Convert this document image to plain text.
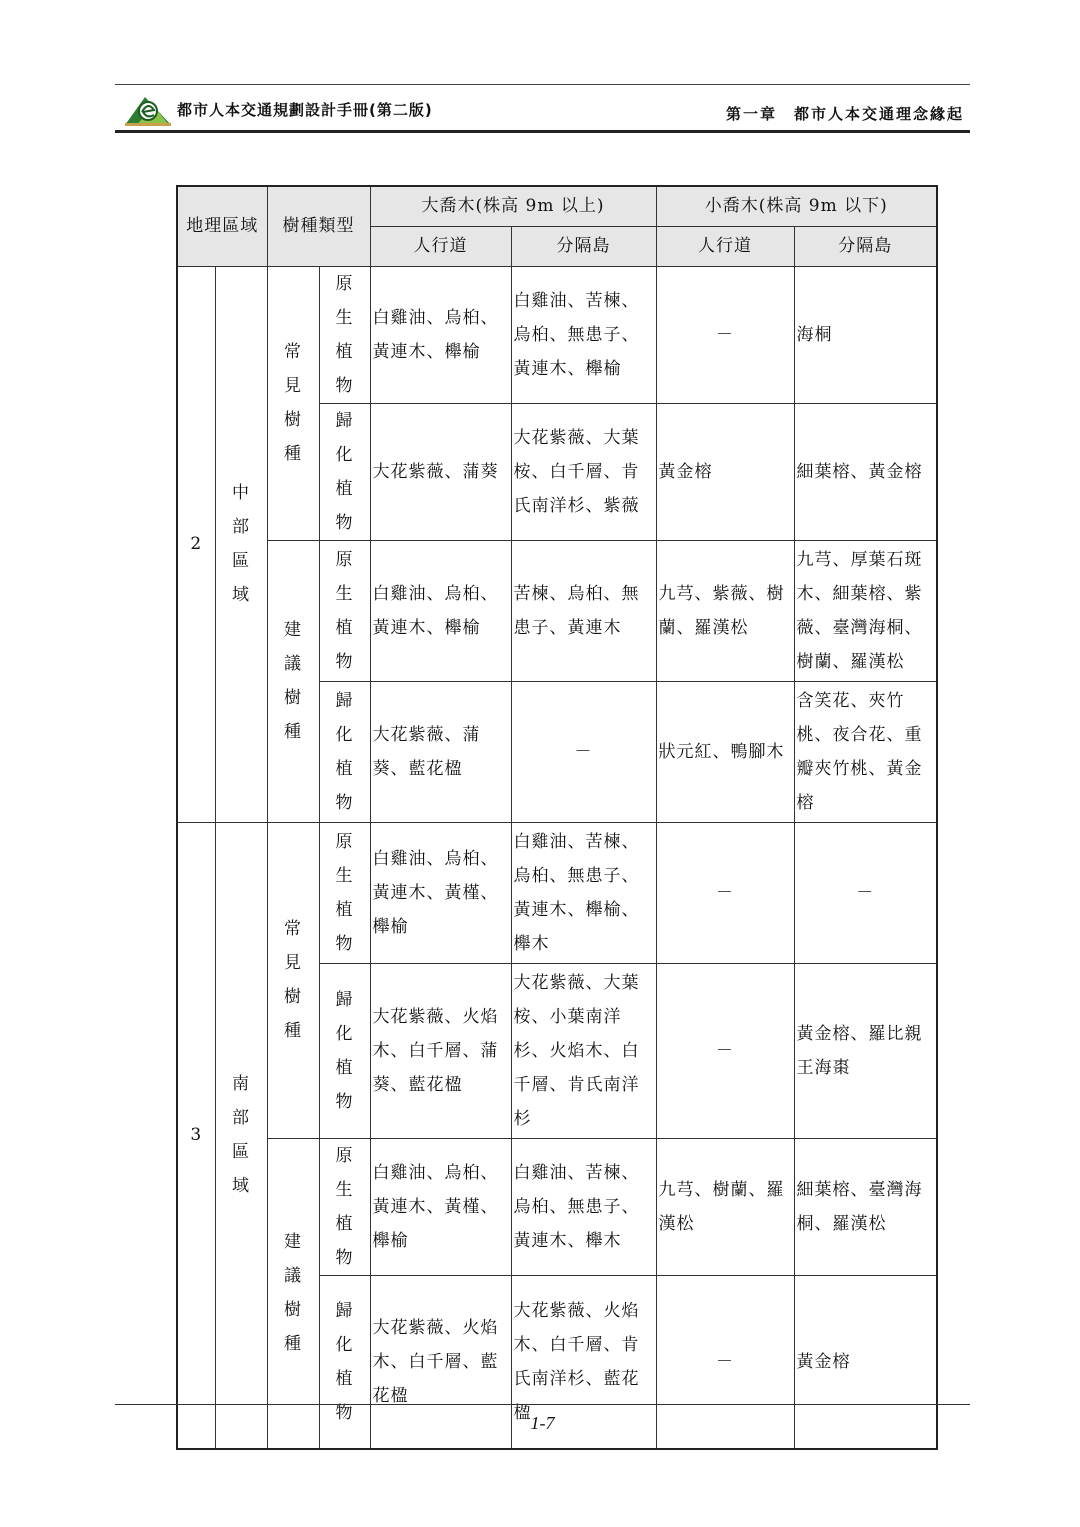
都市人本交通規劃設計手冊(第二版)	第一章　都市人本交通理念緣起
地理區域		樹種類型		大喬木(株高 9m 以上)		小喬木(株高 9m 以下)	
				人行道	分隔島	人行道	分隔島
2	中部區域	常見樹種	原生植物	白雞油、烏桕、黃連木、櫸榆	白雞油、苦楝、烏桕、無患子、黃連木、櫸榆	－	海桐

			歸化植物	大花紫薇、蒲葵	大花紫薇、大葉桉、白千層、肯氏南洋杉、紫薇	黃金榕	細葉榕、黃金榕

		建議樹種	原生植物	白雞油、烏桕、黃連木、櫸榆	苦楝、烏桕、無患子、黃連木	九芎、紫薇、樹蘭、羅漢松	九芎、厚葉石斑木、細葉榕、紫薇、臺灣海桐、樹蘭、羅漢松

			歸化植物	大花紫薇、蒲葵、藍花楹	－	狀元紅、鴨腳木	含笑花、夾竹桃、夜合花、重瓣夾竹桃、黃金榕
3	南部區域	常見樹種	原生植物	白雞油、烏桕、黃連木、黃槿、櫸榆	白雞油、苦楝、烏桕、無患子、黃連木、櫸榆、櫸木	－	－

			歸化植物	大花紫薇、火焰木、白千層、蒲葵、藍花楹	大花紫薇、大葉桉、小葉南洋杉、火焰木、白千層、肯氏南洋杉	－	黃金榕、羅比親王海棗

		建議樹種	原生植物	白雞油、烏桕、黃連木、黃槿、櫸榆	白雞油、苦楝、烏桕、無患子、黃連木、櫸木	九芎、樹蘭、羅漢松	細葉榕、臺灣海桐、羅漢松

			歸化植物	大花紫薇、火焰木、白千層、藍花楹	大花紫薇、火焰木、白千層、肯氏南洋杉、藍花楹	－	黃金榕
1-7
